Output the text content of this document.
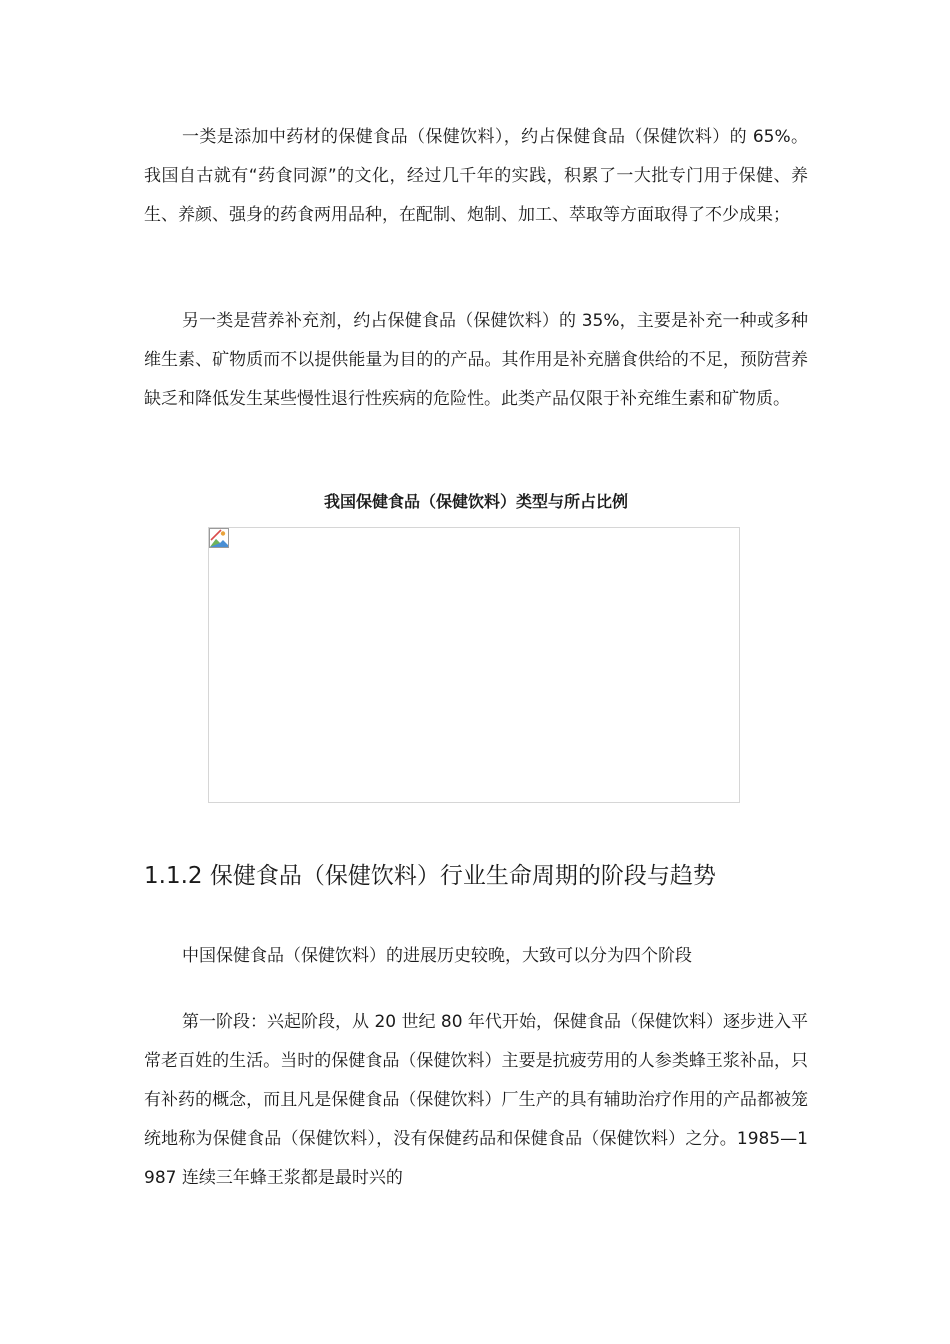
一类是添加中药材的保健食品（保健饮料），约占保健食品（保健饮料）的 65%。我国自古就有“药食同源”的文化，经过几千年的实践，积累了一大批专门用于保健、养生、养颜、强身的药食两用品种，在配制、炮制、加工、萃取等方面取得了不少成果；

另一类是营养补充剂，约占保健食品（保健饮料）的 35%，主要是补充一种或多种维生素、矿物质而不以提供能量为目的的产品。其作用是补充膳食供给的不足，预防营养缺乏和降低发生某些慢性退行性疾病的危险性。此类产品仅限于补充维生素和矿物质。

我国保健食品（保健饮料）类型与所占比例

1.1.2 保健食品（保健饮料）行业生命周期的阶段与趋势

中国保健食品（保健饮料）的进展历史较晚，大致可以分为四个阶段

第一阶段：兴起阶段，从 20 世纪 80 年代开始，保健食品（保健饮料）逐步进入平常老百姓的生活。当时的保健食品（保健饮料）主要是抗疲劳用的人参类蜂王浆补品，只有补药的概念，而且凡是保健食品（保健饮料）厂生产的具有辅助治疗作用的产品都被笼统地称为保健食品（保健饮料），没有保健药品和保健食品（保健饮料）之分。1985—1987 连续三年蜂王浆都是最时兴的
